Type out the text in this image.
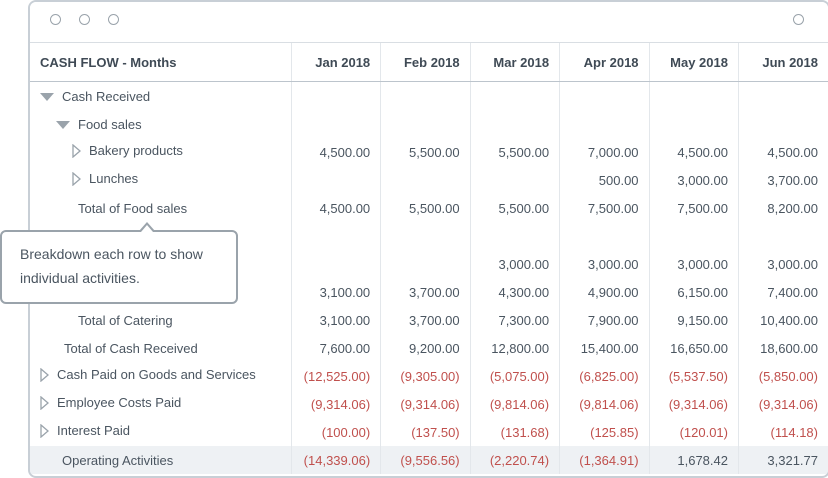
CASH FLOW - Months	Jan 2018	Feb 2018	Mar 2018	Apr 2018	May 2018	Jun 2018
Cash Received						
Food sales						
Bakery products	4,500.00	5,500.00	5,500.00	7,000.00	4,500.00	4,500.00
Lunches				500.00	3,000.00	3,700.00
Total of Food sales	4,500.00	5,500.00	5,500.00	7,500.00	7,500.00	8,200.00

			3,000.00	3,000.00	3,000.00	3,000.00
	3,100.00	3,700.00	4,300.00	4,900.00	6,150.00	7,400.00
Total of Catering	3,100.00	3,700.00	7,300.00	7,900.00	9,150.00	10,400.00
Total of Cash Received	7,600.00	9,200.00	12,800.00	15,400.00	16,650.00	18,600.00
Cash Paid on Goods and Services	(12,525.00)	(9,305.00)	(5,075.00)	(6,825.00)	(5,537.50)	(5,850.00)
Employee Costs Paid	(9,314.06)	(9,314.06)	(9,814.06)	(9,814.06)	(9,314.06)	(9,314.06)
Interest Paid	(100.00)	(137.50)	(131.68)	(125.85)	(120.01)	(114.18)
Operating Activities	(14,339.06)	(9,556.56)	(2,220.74)	(1,364.91)	1,678.42	3,321.77
Breakdown each row to show individual activities.
